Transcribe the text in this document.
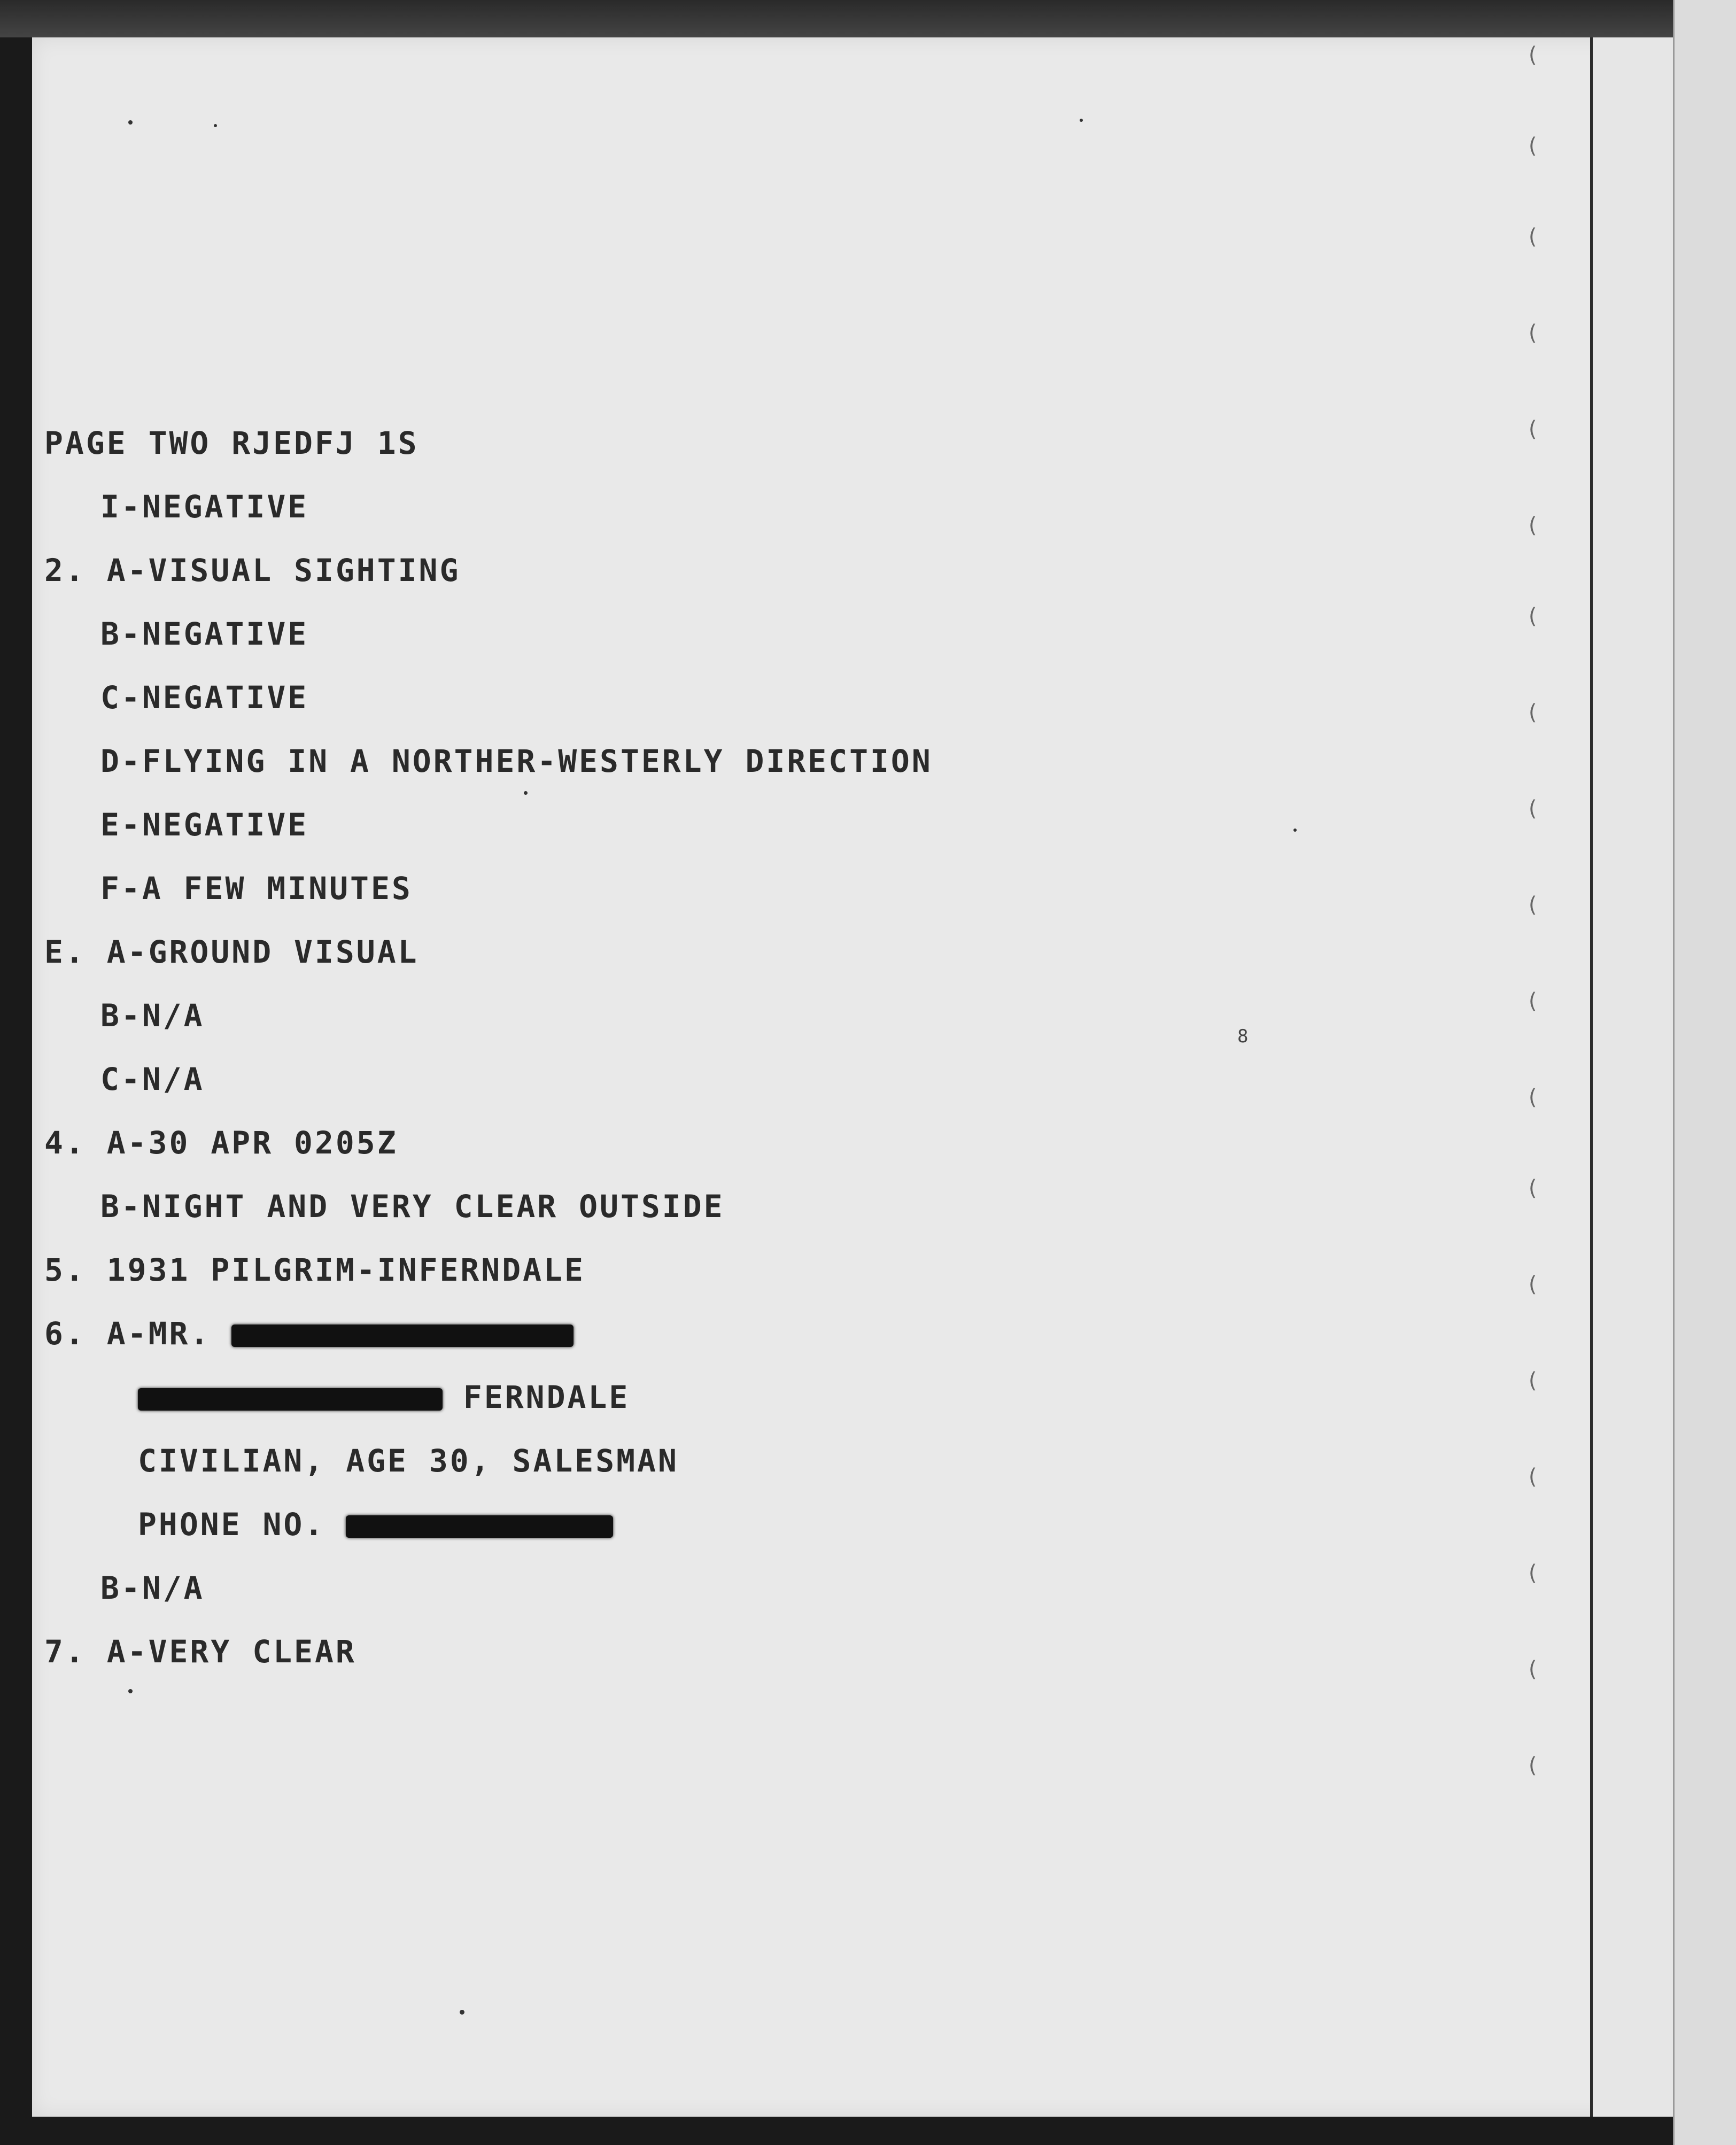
(
(
(
(
(
(
(
(
(
(
(
(
(
(
(
(
(
(
(
PAGE TWO RJEDFJ 1S
I-NEGATIVE
2. A-VISUAL SIGHTING
B-NEGATIVE
C-NEGATIVE
D-FLYING IN A NORTHER-WESTERLY DIRECTION
E-NEGATIVE
F-A FEW MINUTES
E. A-GROUND VISUAL
B-N/A
C-N/A
4. A-30 APR 0205Z
B-NIGHT AND VERY CLEAR OUTSIDE
5. 1931 PILGRIM-INFERNDALE
6. A-MR.
FERNDALE
CIVILIAN, AGE 30, SALESMAN
PHONE NO.
B-N/A
7. A-VERY CLEAR
8
